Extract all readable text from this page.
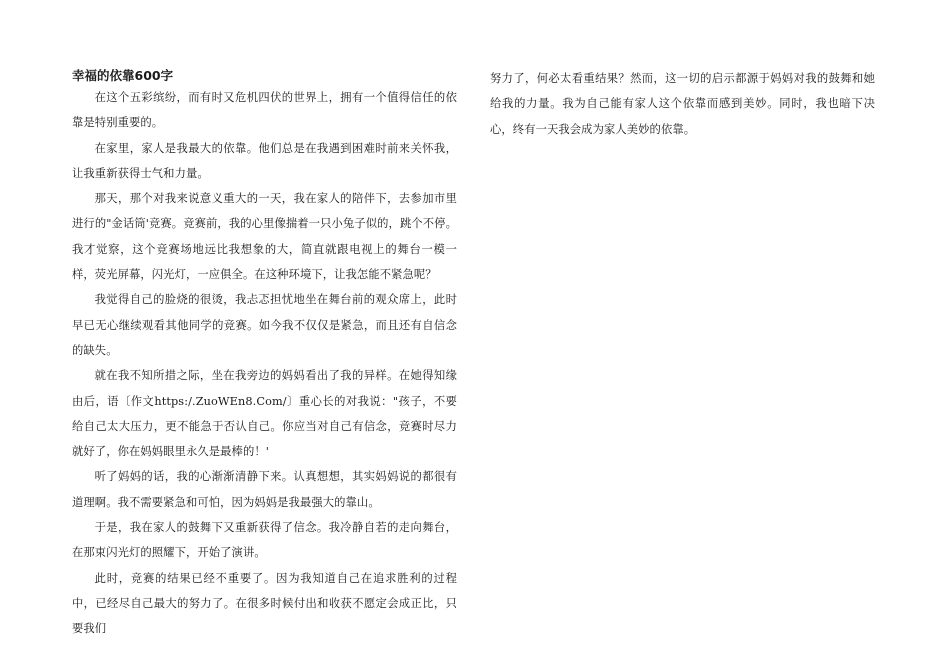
幸福的依靠600字

在这个五彩缤纷，而有时又危机四伏的世界上，拥有一个值得信任的依靠是特别重要的。

在家里，家人是我最大的依靠。他们总是在我遇到困难时前来关怀我，让我重新获得士气和力量。

那天，那个对我来说意义重大的一天，我在家人的陪伴下，去参加市里进行的"金话筒'竞赛。竞赛前，我的心里像揣着一只小兔子似的，跳个不停。我才觉察，这个竞赛场地远比我想象的大，简直就跟电视上的舞台一模一样，荧光屏幕，闪光灯，一应俱全。在这种环境下，让我怎能不紧急呢？

我觉得自己的脸烧的很烫，我忐忑担忧地坐在舞台前的观众席上，此时早已无心继续观看其他同学的竞赛。如今我不仅仅是紧急，而且还有自信念的缺失。

就在我不知所措之际，坐在我旁边的妈妈看出了我的异样。在她得知缘由后，语〔作文https:/.ZuoWEn8.Com/〕重心长的对我说："孩子，不要给自己太大压力，更不能急于否认自己。你应当对自己有信念，竞赛时尽力就好了，你在妈妈眼里永久是最棒的！'

听了妈妈的话，我的心渐渐清静下来。认真想想，其实妈妈说的都很有道理啊。我不需要紧急和可怕，因为妈妈是我最强大的靠山。

于是，我在家人的鼓舞下又重新获得了信念。我冷静自若的走向舞台，在那束闪光灯的照耀下，开始了演讲。

此时，竞赛的结果已经不重要了。因为我知道自己在追求胜利的过程中，已经尽自己最大的努力了。在很多时候付出和收获不愿定会成正比，只要我们

努力了，何必太看重结果？然而，这一切的启示都源于妈妈对我的鼓舞和她给我的力量。我为自己能有家人这个依靠而感到美妙。同时，我也暗下决心，终有一天我会成为家人美妙的依靠。
